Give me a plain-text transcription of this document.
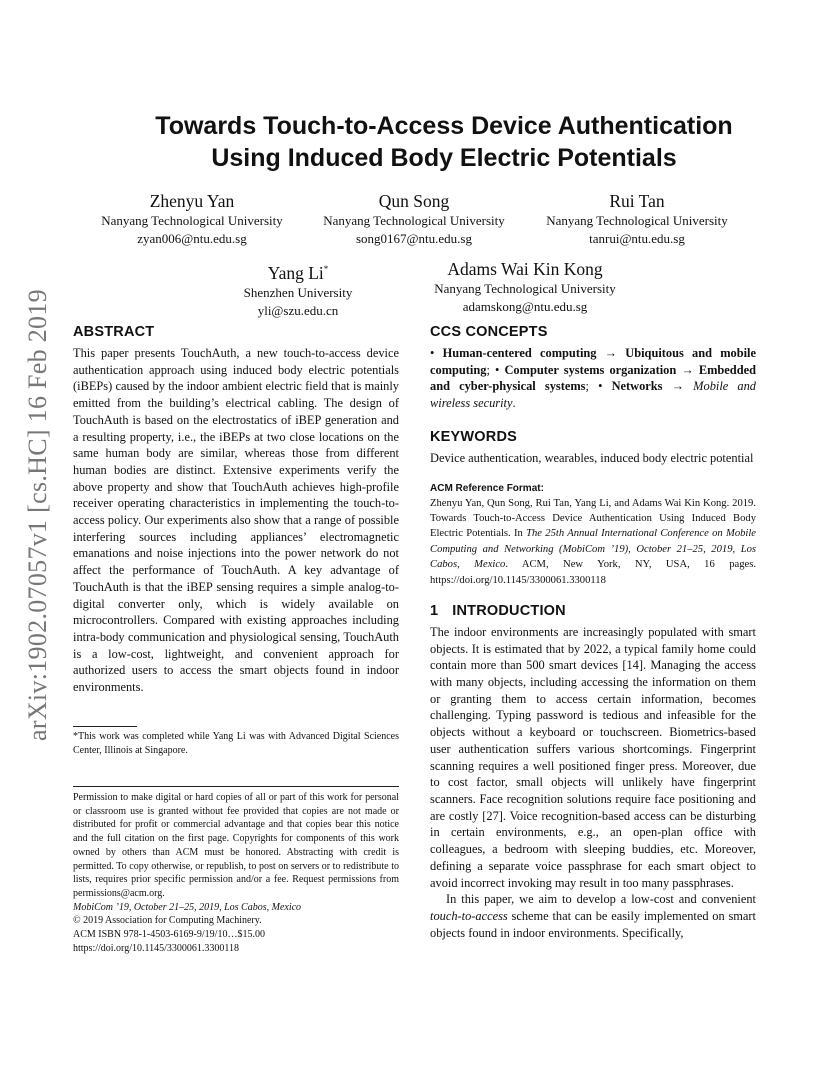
arXiv:1902.07057v1 [cs.HC] 16 Feb 2019
Towards Touch-to-Access Device Authentication
Using Induced Body Electric Potentials
Zhenyu Yan
Nanyang Technological University
zyan006@ntu.edu.sg
Qun Song
Nanyang Technological University
song0167@ntu.edu.sg
Rui Tan
Nanyang Technological University
tanrui@ntu.edu.sg
Yang Li*
Shenzhen University
yli@szu.edu.cn
Adams Wai Kin Kong
Nanyang Technological University
adamskong@ntu.edu.sg
ABSTRACT

This paper presents TouchAuth, a new touch-to-access device authentication approach using induced body electric potentials (iBEPs) caused by the indoor ambient electric field that is mainly emitted from the building’s electrical cabling. The design of TouchAuth is based on the electrostatics of iBEP generation and a resulting property, i.e., the iBEPs at two close locations on the same human body are similar, whereas those from different human bodies are distinct. Extensive experiments verify the above property and show that TouchAuth achieves high-profile receiver operating characteristics in implementing the touch-to-access policy. Our experiments also show that a range of possible interfering sources including appliances’ electromagnetic emanations and noise injections into the power network do not affect the performance of TouchAuth. A key advantage of TouchAuth is that the iBEP sensing requires a simple analog-to-digital converter only, which is widely available on microcontrollers. Compared with existing approaches including intra-body communication and physiological sensing, TouchAuth is a low-cost, lightweight, and convenient approach for authorized users to access the smart objects found in indoor environments.

*This work was completed while Yang Li was with Advanced Digital Sciences Center, Illinois at Singapore.

Permission to make digital or hard copies of all or part of this work for personal or classroom use is granted without fee provided that copies are not made or distributed for profit or commercial advantage and that copies bear this notice and the full citation on the first page. Copyrights for components of this work owned by others than ACM must be honored. Abstracting with credit is permitted. To copy otherwise, or republish, to post on servers or to redistribute to lists, requires prior specific permission and/or a fee. Request permissions from permissions@acm.org.

MobiCom ’19, October 21–25, 2019, Los Cabos, Mexico

© 2019 Association for Computing Machinery.

ACM ISBN 978-1-4503-6169-9/19/10…$15.00

https://doi.org/10.1145/3300061.3300118

CCS CONCEPTS

• Human-centered computing → Ubiquitous and mobile computing; • Computer systems organization → Embedded and cyber-physical systems; • Networks → Mobile and wireless security.

KEYWORDS

Device authentication, wearables, induced body electric potential

ACM Reference Format:

Zhenyu Yan, Qun Song, Rui Tan, Yang Li, and Adams Wai Kin Kong. 2019. Towards Touch-to-Access Device Authentication Using Induced Body Electric Potentials. In The 25th Annual International Conference on Mobile Computing and Networking (MobiCom ’19), October 21–25, 2019, Los Cabos, Mexico. ACM, New York, NY, USA, 16 pages. https://doi.org/10.1145/3300061.3300118

1 INTRODUCTION

The indoor environments are increasingly populated with smart objects. It is estimated that by 2022, a typical family home could contain more than 500 smart devices [14]. Managing the access with many objects, including accessing the information on them or granting them to access certain information, becomes challenging. Typing password is tedious and infeasible for the objects without a keyboard or touchscreen. Biometrics-based user authentication suffers various shortcomings. Fingerprint scanning requires a well positioned finger press. Moreover, due to cost factor, small objects will unlikely have fingerprint scanners. Face recognition solutions require face positioning and are costly [27]. Voice recognition-based access can be disturbing in certain environments, e.g., an open-plan office with colleagues, a bedroom with sleeping buddies, etc. Moreover, defining a separate voice passphrase for each smart object to avoid incorrect invoking may result in too many passphrases.

In this paper, we aim to develop a low-cost and convenient touch-to-access scheme that can be easily implemented on smart objects found in indoor environments. Specifically,
